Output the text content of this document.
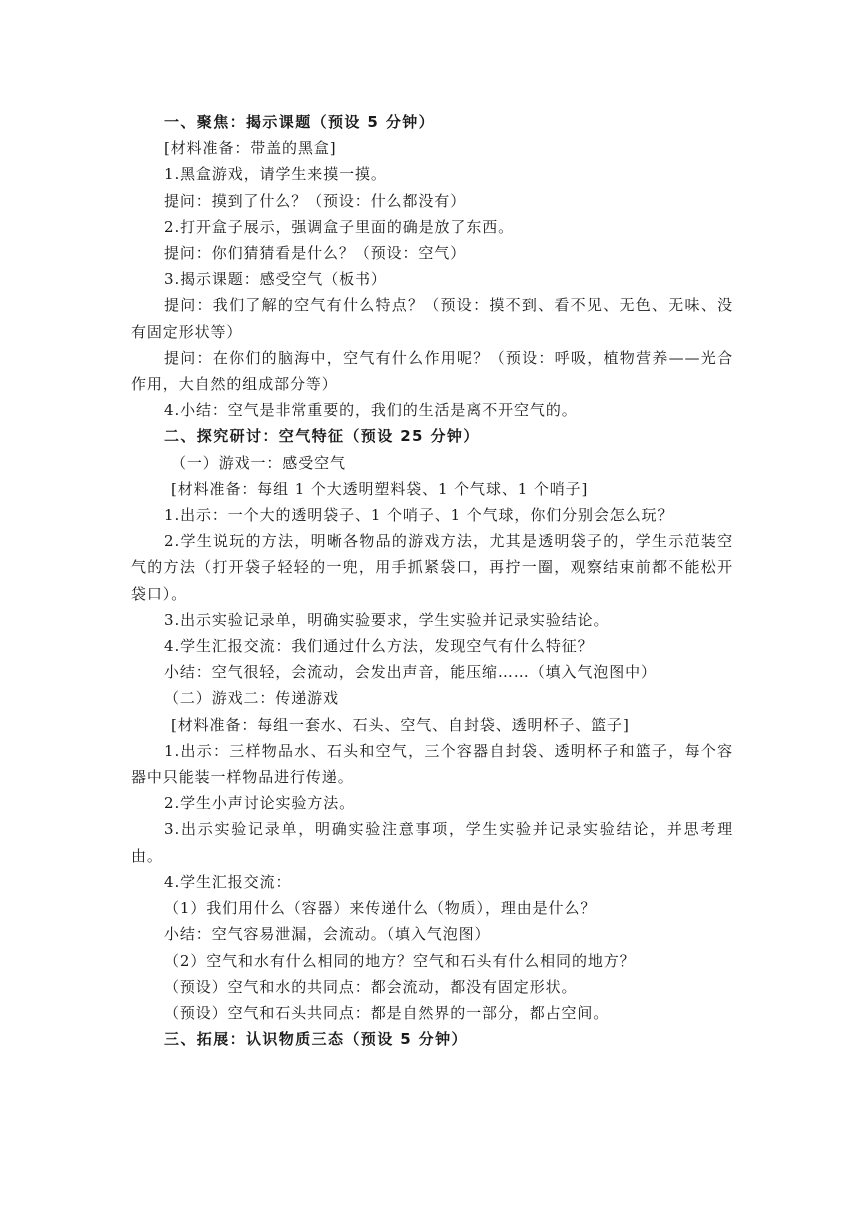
一、聚焦：揭示课题（预设 5 分钟）
[材料准备：带盖的黑盒]
1.黑盒游戏，请学生来摸一摸。
提问：摸到了什么？（预设：什么都没有）
2.打开盒子展示，强调盒子里面的确是放了东西。
提问：你们猜猜看是什么？（预设：空气）
3.揭示课题：感受空气（板书）
提问：我们了解的空气有什么特点？（预设：摸不到、看不见、无色、无味、没有固定形状等）
提问：在你们的脑海中，空气有什么作用呢？（预设：呼吸，植物营养——光合作用，大自然的组成部分等）
4.小结：空气是非常重要的，我们的生活是离不开空气的。
二、探究研讨：空气特征（预设 25 分钟）
（一）游戏一：感受空气
[材料准备：每组 1 个大透明塑料袋、1 个气球、1 个哨子]
1.出示：一个大的透明袋子、1 个哨子、1 个气球，你们分别会怎么玩？
2.学生说玩的方法，明晰各物品的游戏方法，尤其是透明袋子的，学生示范装空气的方法（打开袋子轻轻的一兜，用手抓紧袋口，再拧一圈，观察结束前都不能松开袋口）。
3.出示实验记录单，明确实验要求，学生实验并记录实验结论。
4.学生汇报交流：我们通过什么方法，发现空气有什么特征？
小结：空气很轻，会流动，会发出声音，能压缩……（填入气泡图中）
（二）游戏二：传递游戏
[材料准备：每组一套水、石头、空气、自封袋、透明杯子、篮子]
1.出示：三样物品水、石头和空气，三个容器自封袋、透明杯子和篮子，每个容器中只能装一样物品进行传递。
2.学生小声讨论实验方法。
3.出示实验记录单，明确实验注意事项，学生实验并记录实验结论，并思考理由。
4.学生汇报交流：
（1）我们用什么（容器）来传递什么（物质），理由是什么？
小结：空气容易泄漏，会流动。（填入气泡图）
（2）空气和水有什么相同的地方？空气和石头有什么相同的地方？
（预设）空气和水的共同点：都会流动，都没有固定形状。
（预设）空气和石头共同点：都是自然界的一部分，都占空间。
三、拓展：认识物质三态（预设 5 分钟）
